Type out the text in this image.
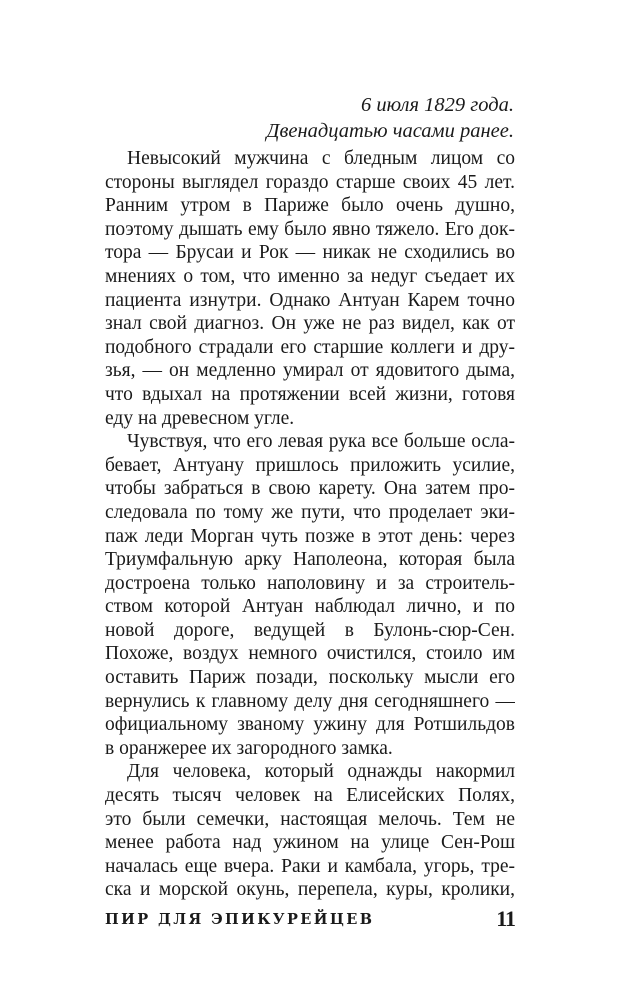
6 июля 1829 года.
Двенадцатью часами ранее.
Невысокий мужчина с бледным лицом со
стороны выглядел гораздо старше своих 45 лет.
Ранним утром в Париже было очень душно,
поэтому дышать ему было явно тяжело. Его док-
тора — Брусаи и Рок — никак не сходились во
мнениях о том, что именно за недуг съедает их
пациента изнутри. Однако Антуан Карем точно
знал свой диагноз. Он уже не раз видел, как от
подобного страдали его старшие коллеги и дру-
зья, — он медленно умирал от ядовитого дыма,
что вдыхал на протяжении всей жизни, готовя
еду на древесном угле.
Чувствуя, что его левая рука все больше осла-
бевает, Антуану пришлось приложить усилие,
чтобы забраться в свою карету. Она затем про-
следовала по тому же пути, что проделает эки-
паж леди Морган чуть позже в этот день: через
Триумфальную арку Наполеона, которая была
достроена только наполовину и за строитель-
ством которой Антуан наблюдал лично, и по
новой дороге, ведущей в Булонь-сюр-Сен.
Похоже, воздух немного очистился, стоило им
оставить Париж позади, поскольку мысли его
вернулись к главному делу дня сегодняшнего —
официальному званому ужину для Ротшильдов
в оранжерее их загородного замка.
Для человека, который однажды накормил
десять тысяч человек на Елисейских Полях,
это были семечки, настоящая мелочь. Тем не
менее работа над ужином на улице Сен-Рош
началась еще вчера. Раки и камбала, угорь, тре-
ска и морской окунь, перепела, куры, кролики,
ПИР ДЛЯ ЭПИКУРЕЙЦЕВ	11
